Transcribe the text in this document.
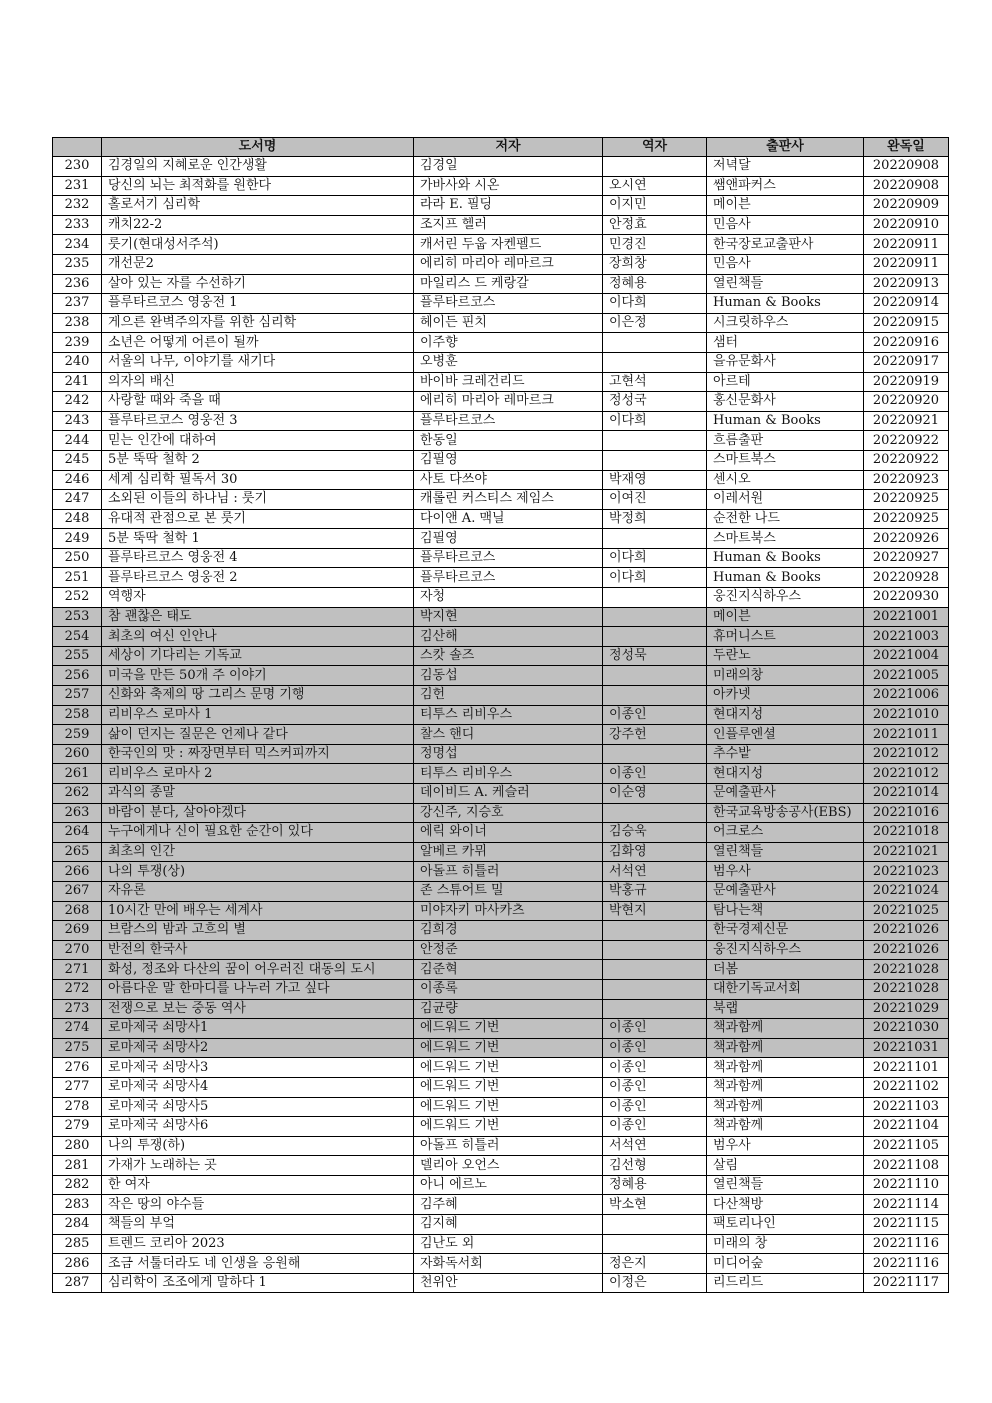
	도서명	저자	역자	출판사	완독일
230	김경일의 지혜로운 인간생활	김경일		저녁달	20220908
231	당신의 뇌는 최적화를 원한다	가바사와 시온	오시연	쌤앤파커스	20220908
232	홀로서기 심리학	라라 E. 필딩	이지민	메이븐	20220909
233	캐치22-2	조지프 헬러	안정효	민음사	20220910
234	룻기(현대성서주석)	캐서린 두웁 자켄펠드	민경진	한국장로교출판사	20220911
235	개선문2	에리히 마리아 레마르크	장희창	민음사	20220911
236	살아 있는 자를 수선하기	마일리스 드 케랑갈	정혜용	열린책들	20220913
237	플루타르코스 영웅전 1	플루타르코스	이다희	Human & Books	20220914
238	게으른 완벽주의자를 위한 심리학	헤이든 핀치	이은정	시크릿하우스	20220915
239	소년은 어떻게 어른이 될까	이주향		샘터	20220916
240	서울의 나무, 이야기를 새기다	오병훈		을유문화사	20220917
241	의자의 배신	바이바 크레건리드	고현석	아르테	20220919
242	사랑할 때와 죽을 때	에리히 마리아 레마르크	정성국	홍신문화사	20220920
243	플루타르코스 영웅전 3	플루타르코스	이다희	Human & Books	20220921
244	믿는 인간에 대하여	한동일		흐름출판	20220922
245	5분 뚝딱 철학 2	김필영		스마트북스	20220922
246	세계 심리학 필독서 30	사토 다쓰야	박재영	센시오	20220923
247	소외된 이들의 하나님 : 룻기	캐롤린 커스티스 제임스	이여진	이레서원	20220925
248	유대적 관점으로 본 룻기	다이앤 A. 맥닐	박정희	순전한 나드	20220925
249	5분 뚝딱 철학 1	김필영		스마트북스	20220926
250	플루타르코스 영웅전 4	플루타르코스	이다희	Human & Books	20220927
251	플루타르코스 영웅전 2	플루타르코스	이다희	Human & Books	20220928
252	역행자	자청		웅진지식하우스	20220930
253	참 괜찮은 태도	박지현		메이븐	20221001
254	최초의 여신 인안나	김산해		휴머니스트	20221003
255	세상이 기다리는 기독교	스캇 솔즈	정성묵	두란노	20221004
256	미국을 만든 50개 주 이야기	김동섭		미래의창	20221005
257	신화와 축제의 땅 그리스 문명 기행	김헌		아카넷	20221006
258	리비우스 로마사 1	티투스 리비우스	이종인	현대지성	20221010
259	삶이 던지는 질문은 언제나 같다	찰스 핸디	강주헌	인플루엔셜	20221011
260	한국인의 맛 : 짜장면부터 믹스커피까지	정명섭		추수밭	20221012
261	리비우스 로마사 2	티투스 리비우스	이종인	현대지성	20221012
262	과식의 종말	데이비드 A. 케슬러	이순영	문예출판사	20221014
263	바람이 분다, 살아야겠다	강신주, 지승호		한국교육방송공사(EBS)	20221016
264	누구에게나 신이 필요한 순간이 있다	에릭 와이너	김승욱	어크로스	20221018
265	최초의 인간	알베르 카뮈	김화영	열린책들	20221021
266	나의 투쟁(상)	아돌프 히틀러	서석연	범우사	20221023
267	자유론	존 스튜어트 밀	박홍규	문예출판사	20221024
268	10시간 만에 배우는 세계사	미야자키 마사카츠	박현지	탐나는책	20221025
269	브람스의 밤과 고흐의 별	김희경		한국경제신문	20221026
270	반전의 한국사	안정준		웅진지식하우스	20221026
271	화성, 정조와 다산의 꿈이 어우러진 대동의 도시	김준혁		더봄	20221028
272	아름다운 말 한마디를 나누러 가고 싶다	이종록		대한기독교서회	20221028
273	전쟁으로 보는 중동 역사	김균량		북랩	20221029
274	로마제국 쇠망사1	에드워드 기번	이종인	책과함께	20221030
275	로마제국 쇠망사2	에드워드 기번	이종인	책과함께	20221031
276	로마제국 쇠망사3	에드워드 기번	이종인	책과함께	20221101
277	로마제국 쇠망사4	에드워드 기번	이종인	책과함께	20221102
278	로마제국 쇠망사5	에드워드 기번	이종인	책과함께	20221103
279	로마제국 쇠망사6	에드워드 기번	이종인	책과함께	20221104
280	나의 투쟁(하)	아돌프 히틀러	서석연	범우사	20221105
281	가재가 노래하는 곳	델리아 오언스	김선형	살림	20221108
282	한 여자	아니 에르노	정혜용	열린책들	20221110
283	작은 땅의 야수들	김주혜	박소현	다산책방	20221114
284	책들의 부엌	김지혜		팩토리나인	20221115
285	트렌드 코리아 2023	김난도 외		미래의 창	20221116
286	조금 서툴더라도 네 인생을 응원해	자화독서회	정은지	미디어숲	20221116
287	심리학이 조조에게 말하다 1	천위안	이정은	리드리드	20221117
